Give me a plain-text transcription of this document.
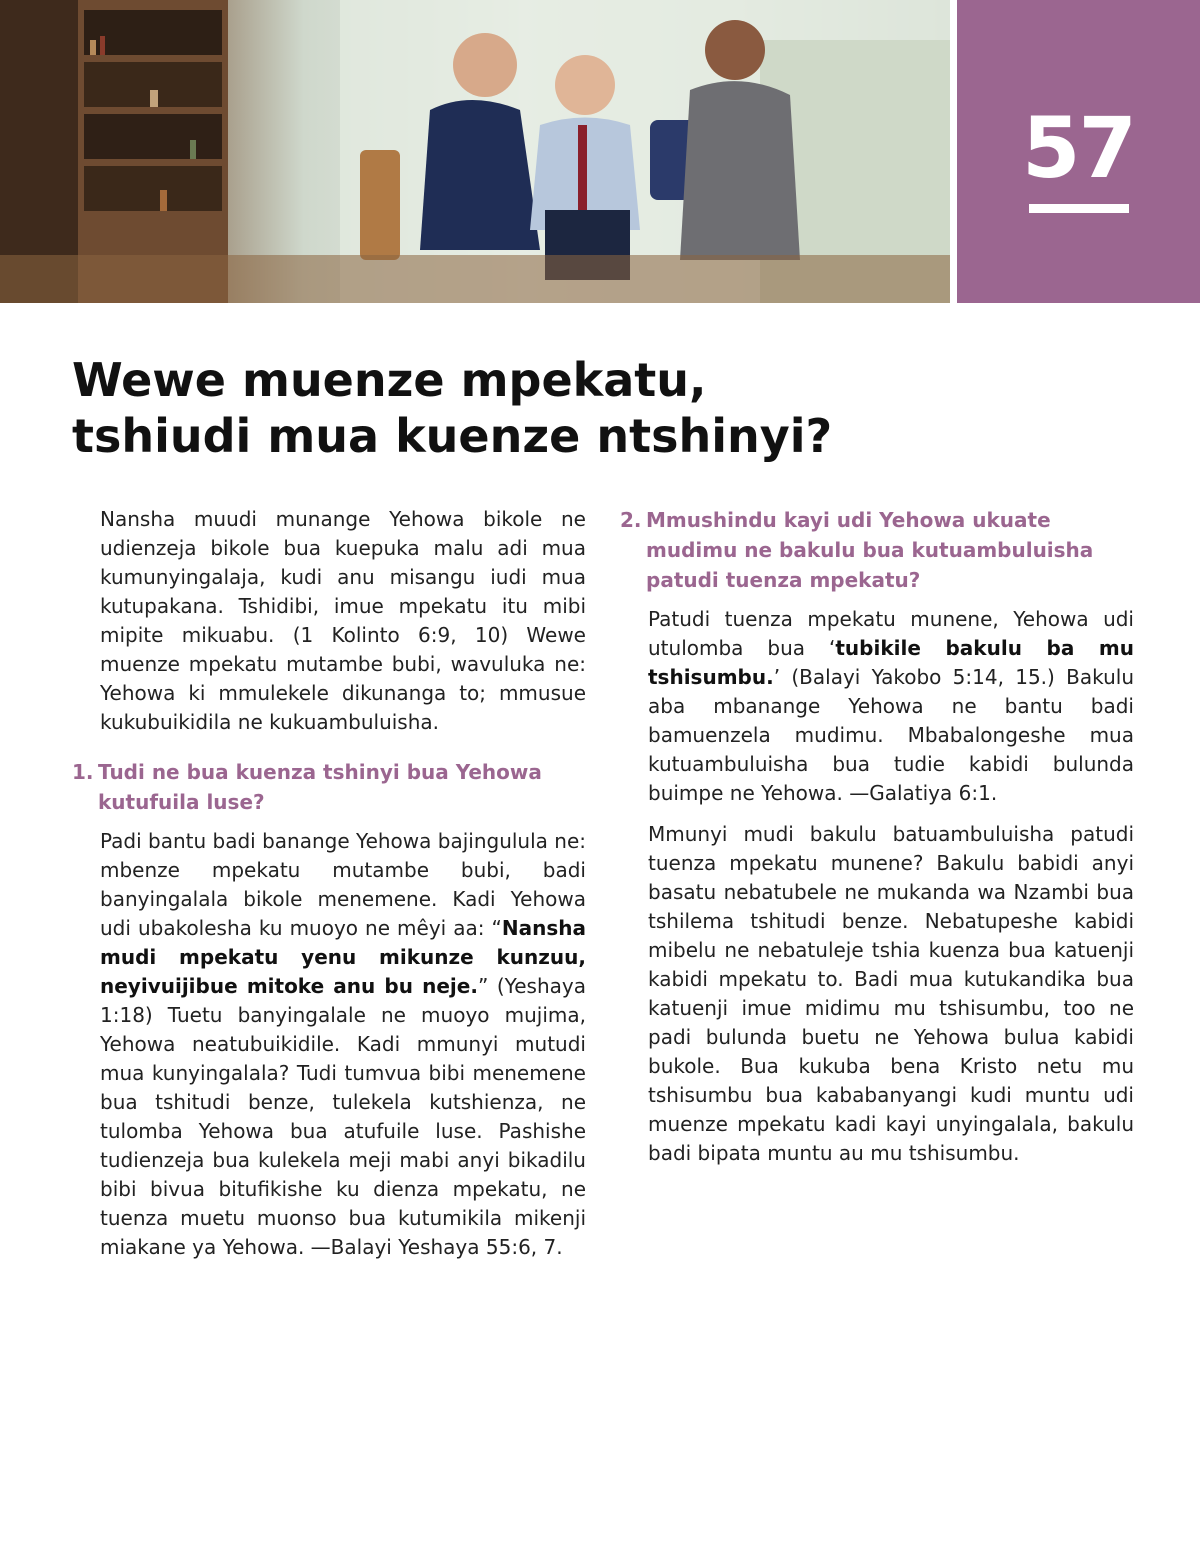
57
Wewe muenze mpekatu,
tshiudi mua kuenze ntshinyi?

Nansha muudi munange Yehowa bikole ne udienzeja bikole bua kuepuka malu adi mua kumunyingalaja, kudi anu misangu iudi mua kutupakana. Tshidibi, imue mpekatu itu mibi mipite mikuabu. (1 Kolinto 6:9, 10) Wewe muenze mpekatu mutambe bubi, wavuluka ne: Yehowa ki mmulekele dikunanga to; mmusue kukubuikidila ne kukuambuluisha.

1. Tudi ne bua kuenza tshinyi bua Yehowa kutufuila luse?

Padi bantu badi banange Yehowa bajingulula ne: mbenze mpekatu mutambe bubi, badi banyingalala bikole menemene. Kadi Yehowa udi ubakolesha ku muoyo ne mêyi aa: “Nansha mudi mpekatu yenu mikunze kunzuu, neyivuijibue mitoke anu bu neje.” (Yeshaya 1:18) Tuetu banyingalale ne muoyo mujima, Yehowa neatubuikidile. Kadi mmunyi mutudi mua kunyingalala? Tudi tumvua bibi menemene bua tshitudi benze, tulekela kutshienza, ne tulomba Yehowa bua atufuile luse. Pashishe tudienzeja bua kulekela meji mabi anyi bikadilu bibi bivua bitufikishe ku dienza mpekatu, ne tuenza muetu muonso bua kutumikila mikenji miakane ya Yehowa. —Balayi Yeshaya 55:6, 7.

2. Mmushindu kayi udi Yehowa ukuate mudimu ne bakulu bua kutuambuluisha patudi tuenza mpekatu?

Patudi tuenza mpekatu munene, Yehowa udi utulomba bua ‘tubikile bakulu ba mu tshisumbu.’ (Balayi Yakobo 5:14, 15.) Bakulu aba mbanange Yehowa ne bantu badi bamuenzela mudimu. Mbabalongeshe mua kutuambuluisha bua tudie kabidi bulunda buimpe ne Yehowa. —Galatiya 6:1.

Mmunyi mudi bakulu batuambuluisha patudi tuenza mpekatu munene? Bakulu babidi anyi basatu nebatubele ne mukanda wa Nzambi bua tshilema tshitudi benze. Nebatupeshe kabidi mibelu ne nebatuleje tshia kuenza bua katuenji kabidi mpekatu to. Badi mua kutukandika bua katuenji imue midimu mu tshisumbu, too ne padi bulunda buetu ne Yehowa bulua kabidi bukole. Bua kukuba bena Kristo netu mu tshisumbu bua kababanyangi kudi muntu udi muenze mpekatu kadi kayi unyingalala, bakulu badi bipata muntu au mu tshisumbu.
